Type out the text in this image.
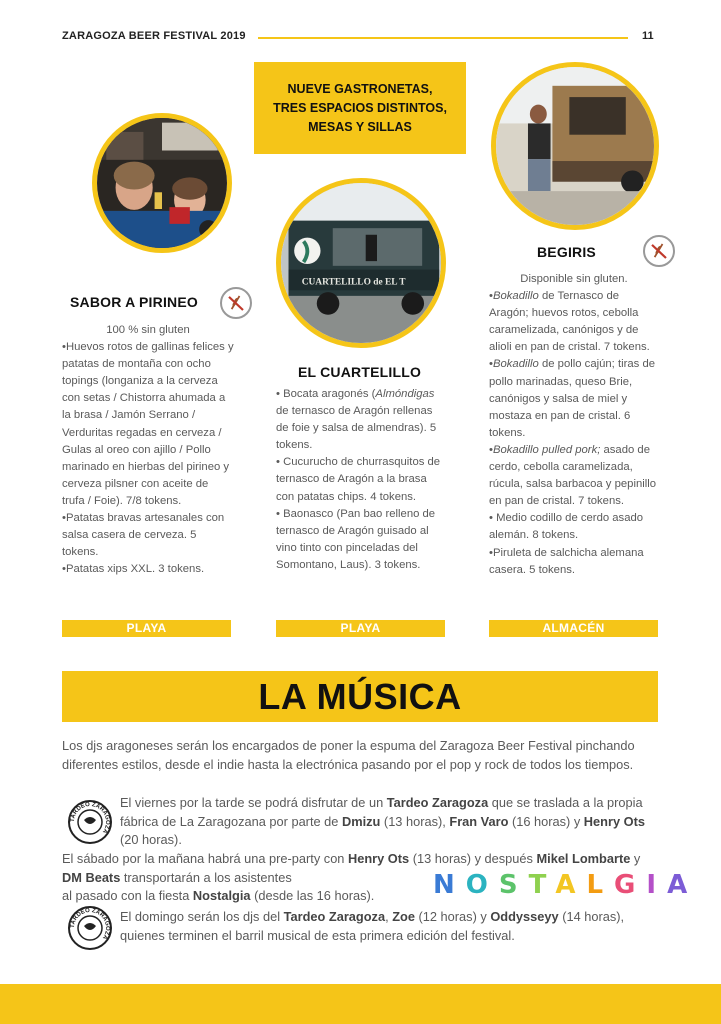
ZARAGOZA BEER FESTIVAL 2019	11
NUEVE GASTRONETAS,
TRES ESPACIOS DISTINTOS,
MESAS Y SILLAS
CUARTELILLO de EL T
SABOR A PIRINEO
EL CUARTELILLO
BEGIRIS

100 % sin gluten

•Huevos rotos de gallinas felices y patatas de montaña con ocho topings (longaniza a la cerveza con setas / Chistorra ahumada a la brasa / Jamón Serrano / Verduritas regadas en cerveza / Gulas al oreo con ajillo / Pollo marinado en hierbas del pirineo y cerveza pilsner con aceite de trufa / Foie). 7/8 tokens.

•Patatas bravas artesanales con salsa casera de cerveza. 5 tokens.

•Patatas xips XXL. 3 tokens.

• Bocata aragonés (Almóndigas de ternasco de Aragón rellenas de foie y salsa de almendras). 5 tokens.

• Cucurucho de churrasquitos de ternasco de Aragón a la brasa con patatas chips. 4 tokens.

• Baonasco (Pan bao relleno de ternasco de Aragón guisado al vino tinto con pinceladas del Somontano, Laus). 3 tokens.

Disponible sin gluten.

•Bokadillo de Ternasco de Aragón; huevos rotos, cebolla caramelizada, canónigos y de alioli en pan de cristal. 7 tokens.

•Bokadillo de pollo cajún; tiras de pollo marinadas, queso Brie, canónigos y salsa de miel y mostaza en pan de cristal. 6 tokens.

•Bokadillo pulled pork; asado de cerdo, cebolla caramelizada, rúcula, salsa barbacoa y pepinillo en pan de cristal. 7 tokens.

• Medio codillo de cerdo asado alemán. 8 tokens.

•Piruleta de salchicha alemana casera. 5 tokens.

PLAYA	PLAYA	ALMACÉN
LA MÚSICA
Los djs aragoneses serán los encargados de poner la espuma del Zaragoza Beer Festival pinchando diferentes estilos, desde el indie hasta la electrónica pasando por el pop y rock de todos los tiempos.
TARDEO ZARAGOZA
El viernes por la tarde se podrá disfrutar de un Tardeo Zaragoza que se traslada a la propia fábrica de La Zaragozana por parte de Dmizu (13 horas), Fran Varo (16 horas) y Henry Ots (20 horas).
El sábado por la mañana habrá una pre-party con Henry Ots (13 horas) y después Mikel Lombarte y DM Beats transportarán a los asistentes
al pasado con la fiesta Nostalgia (desde las 16 horas).	NOSTALGIA
TARDEO ZARAGOZA
El domingo serán los djs del Tardeo Zaragoza, Zoe (12 horas) y Oddysseyy (14 horas), quienes terminen el barril musical de esta primera edición del festival.
